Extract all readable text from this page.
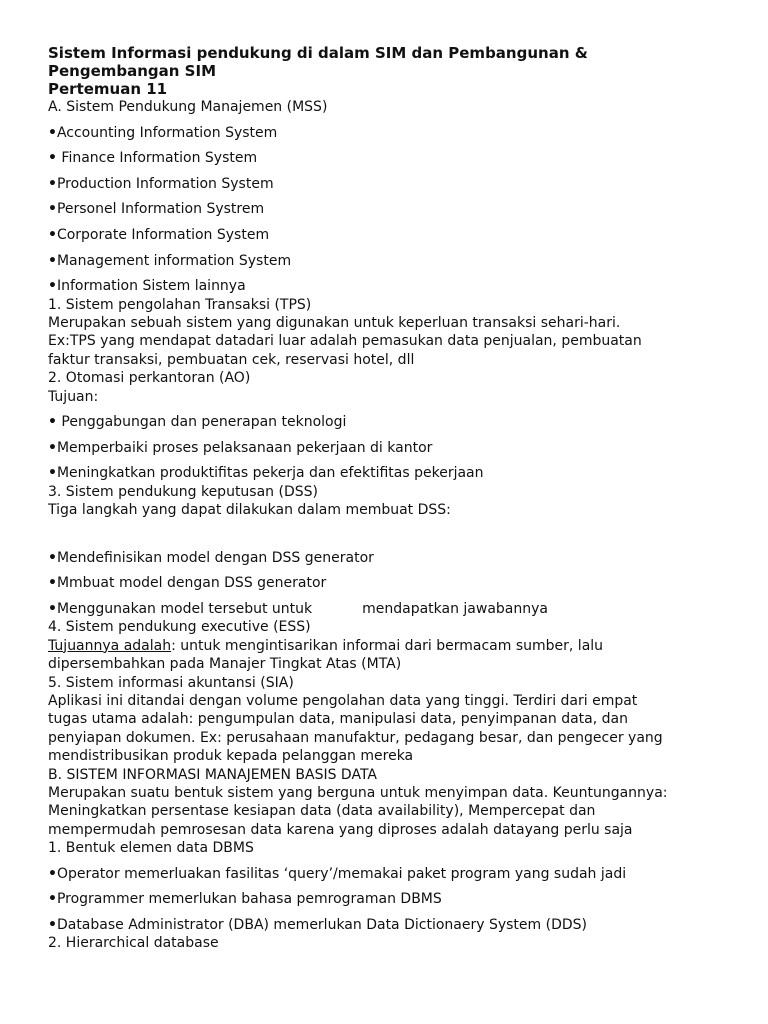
Sistem Informasi pendukung di dalam SIM dan Pembangunan &

Pengembangan SIM

Pertemuan 11

A. Sistem Pendukung Manajemen (MSS)

•Accounting Information System

• Finance Information System

•Production Information System

•Personel Information Systrem

•Corporate Information System

•Management information System

•Information Sistem lainnya

1. Sistem pengolahan Transaksi (TPS)

Merupakan sebuah sistem yang digunakan untuk keperluan transaksi sehari-hari.

Ex:TPS yang mendapat datadari luar adalah pemasukan data penjualan, pembuatan

faktur transaksi, pembuatan cek, reservasi hotel, dll

2. Otomasi perkantoran (AO)

Tujuan:

• Penggabungan dan penerapan teknologi

•Memperbaiki proses pelaksanaan pekerjaan di kantor

•Meningkatkan produktifitas pekerja dan efektifitas pekerjaan

3. Sistem pendukung keputusan (DSS)

Tiga langkah yang dapat dilakukan dalam membuat DSS:

•Mendefinisikan model dengan DSS generator

•Mmbuat model dengan DSS generator

•Menggunakan model tersebut untuk	mendapatkan jawabannya

4. Sistem pendukung executive (ESS)

Tujuannya adalah: untuk mengintisarikan informai dari bermacam sumber, lalu

dipersembahkan pada Manajer Tingkat Atas (MTA)

5. Sistem informasi akuntansi (SIA)

Aplikasi ini ditandai dengan volume pengolahan data yang tinggi. Terdiri dari empat

tugas utama adalah: pengumpulan data, manipulasi data, penyimpanan data, dan

penyiapan dokumen. Ex: perusahaan manufaktur, pedagang besar, dan pengecer yang

mendistribusikan produk kepada pelanggan mereka

B. SISTEM INFORMASI MANAJEMEN BASIS DATA

Merupakan suatu bentuk sistem yang berguna untuk menyimpan data. Keuntungannya:

Meningkatkan persentase kesiapan data (data availability), Mempercepat dan

mempermudah pemrosesan data karena yang diproses adalah datayang perlu saja

1. Bentuk elemen data DBMS

•Operator memerluakan fasilitas ‘query’/memakai paket program yang sudah jadi

•Programmer memerlukan bahasa pemrograman DBMS

•Database Administrator (DBA) memerlukan Data Dictionaery System (DDS)

2. Hierarchical database
